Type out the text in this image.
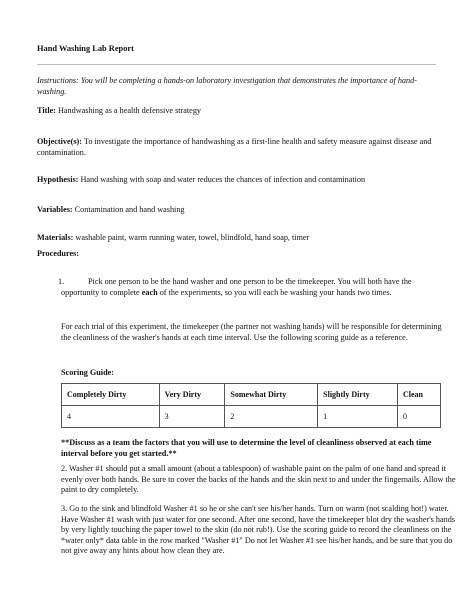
Hand Washing Lab Report
Instructions: You will be completing a hands-on laboratory investigation that demonstrates the importance of hand-washing.
Title: Handwashing as a health defensive strategy
Objective(s): To investigate the importance of handwashing as a first-line health and safety measure against disease and contamination.
Hypothesis: Hand washing with soap and water reduces the chances of infection and contamination
Variables: Contamination and hand washing
Materials: washable paint, warm running water, towel, blindfold, hand soap, timer
Procedures:
1.	Pick one person to be the hand washer and one person to be the timekeeper. You will both have the opportunity to complete each of the experiments, so you will each be washing your hands two times.
For each trial of this experiment, the timekeeper (the partner not washing hands) will be responsible for determining the cleanliness of the washer's hands at each time interval. Use the following scoring guide as a reference.
Scoring Guide:
Completely Dirty	Very Dirty	Somewhat Dirty	Slightly Dirty	Clean
4	3	2	1	0
**Discuss as a team the factors that you will use to determine the level of cleanliness observed at each time interval before you get started.**
2. Washer #1 should put a small amount (about a tablespoon) of washable paint on the palm of one hand and spread it evenly over both hands. Be sure to cover the backs of the hands and the skin next to and under the fingernails. Allow the paint to dry completely.
3. Go to the sink and blindfold Washer #1 so he or she can't see his/her hands. Turn on warm (not scalding hot!) water. Have Washer #1 wash with just water for one second. After one second, have the timekeeper blot dry the washer's hands by very lightly touching the paper towel to the skin (do not rub!). Use the scoring guide to record the cleanliness on the *water only* data table in the row marked "Washer #1" Do not let Washer #1 see his/her hands, and be sure that you do not give away any hints about how clean they are.
